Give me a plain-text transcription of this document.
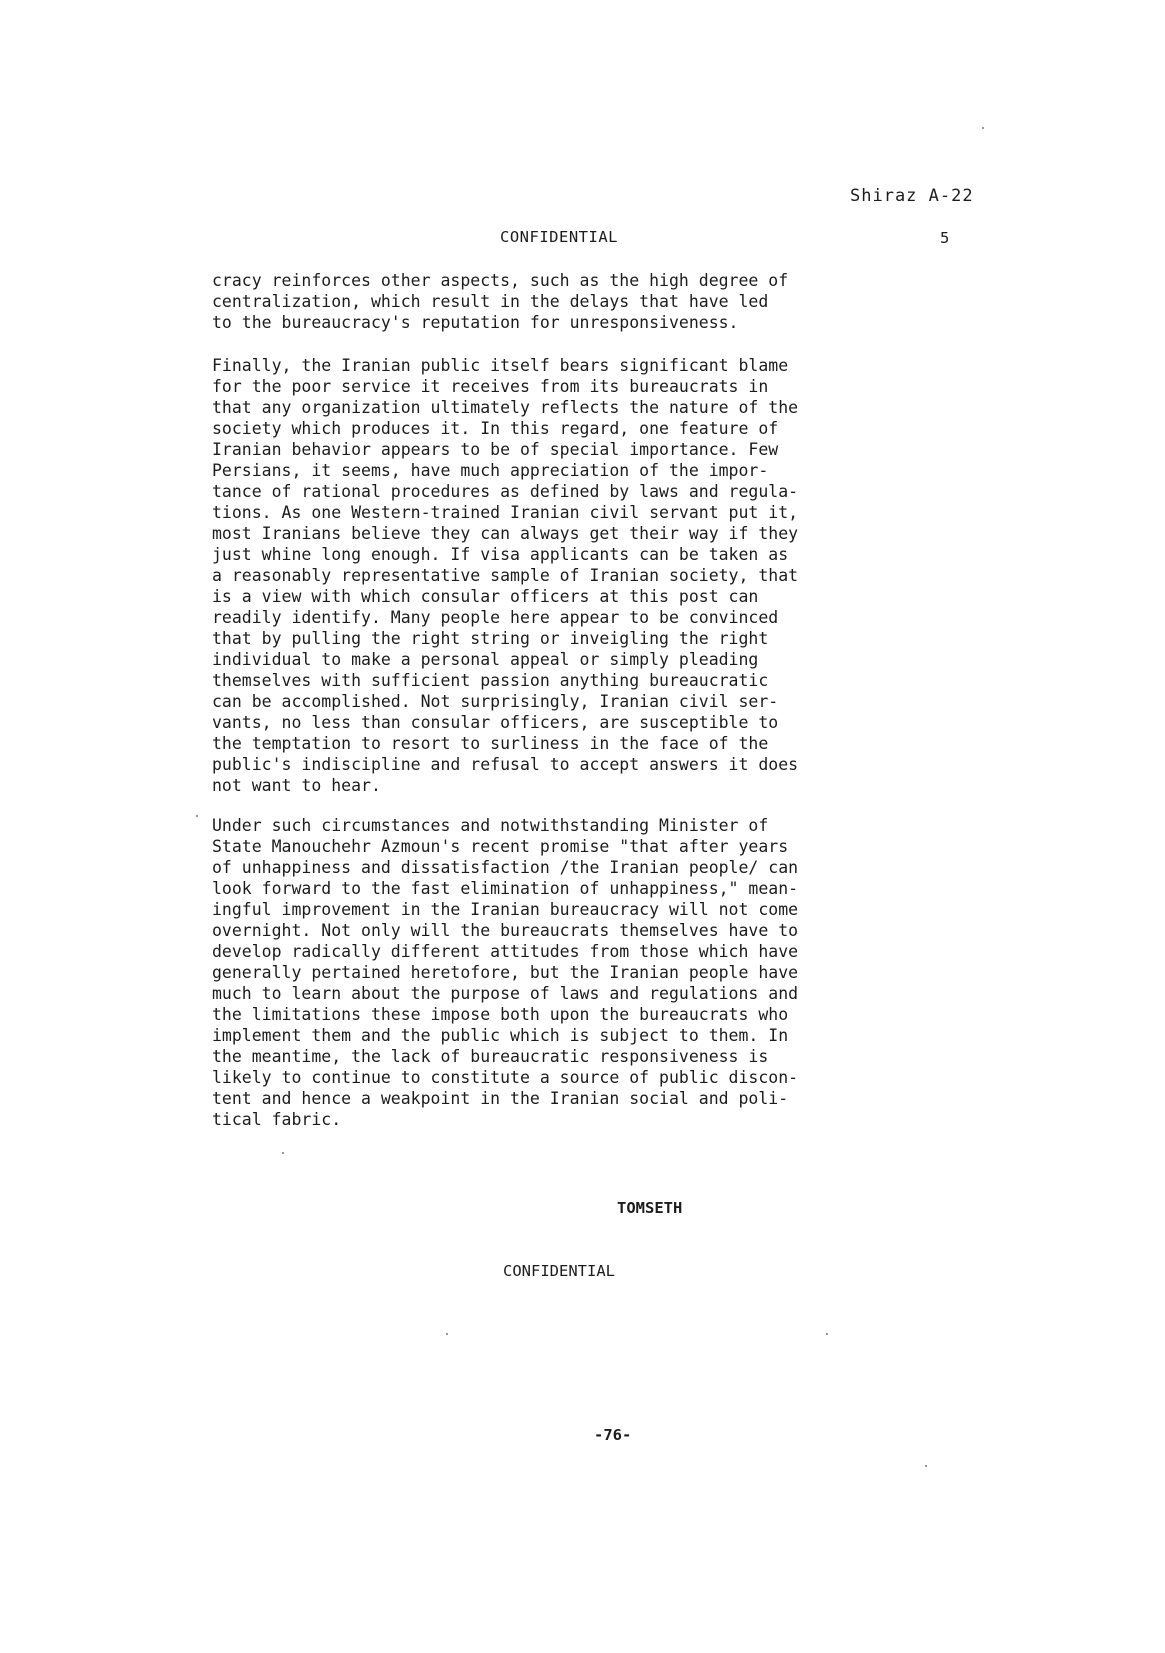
Shiraz A-22
CONFIDENTIAL	5

cracy reinforces other aspects, such as the high degree of
centralization, which result in the delays that have led
to the bureaucracy's reputation for unresponsiveness.

Finally, the Iranian public itself bears significant blame
for the poor service it receives from its bureaucrats in
that any organization ultimately reflects the nature of the
society which produces it. In this regard, one feature of
Iranian behavior appears to be of special importance. Few
Persians, it seems, have much appreciation of the impor-
tance of rational procedures as defined by laws and regula-
tions. As one Western-trained Iranian civil servant put it,
most Iranians believe they can always get their way if they
just whine long enough. If visa applicants can be taken as
a reasonably representative sample of Iranian society, that
is a view with which consular officers at this post can
readily identify. Many people here appear to be convinced
that by pulling the right string or inveigling the right
individual to make a personal appeal or simply pleading
themselves with sufficient passion anything bureaucratic
can be accomplished. Not surprisingly, Iranian civil ser-
vants, no less than consular officers, are susceptible to
the temptation to resort to surliness in the face of the
public's indiscipline and refusal to accept answers it does
not want to hear.

Under such circumstances and notwithstanding Minister of
State Manouchehr Azmoun's recent promise "that after years
of unhappiness and dissatisfaction /the Iranian people/ can
look forward to the fast elimination of unhappiness," mean-
ingful improvement in the Iranian bureaucracy will not come
overnight. Not only will the bureaucrats themselves have to
develop radically different attitudes from those which have
generally pertained heretofore, but the Iranian people have
much to learn about the purpose of laws and regulations and
the limitations these impose both upon the bureaucrats who
implement them and the public which is subject to them. In
the meantime, the lack of bureaucratic responsiveness is
likely to continue to constitute a source of public discon-
tent and hence a weakpoint in the Iranian social and poli-
tical fabric.

TOMSETH
CONFIDENTIAL
-76-
